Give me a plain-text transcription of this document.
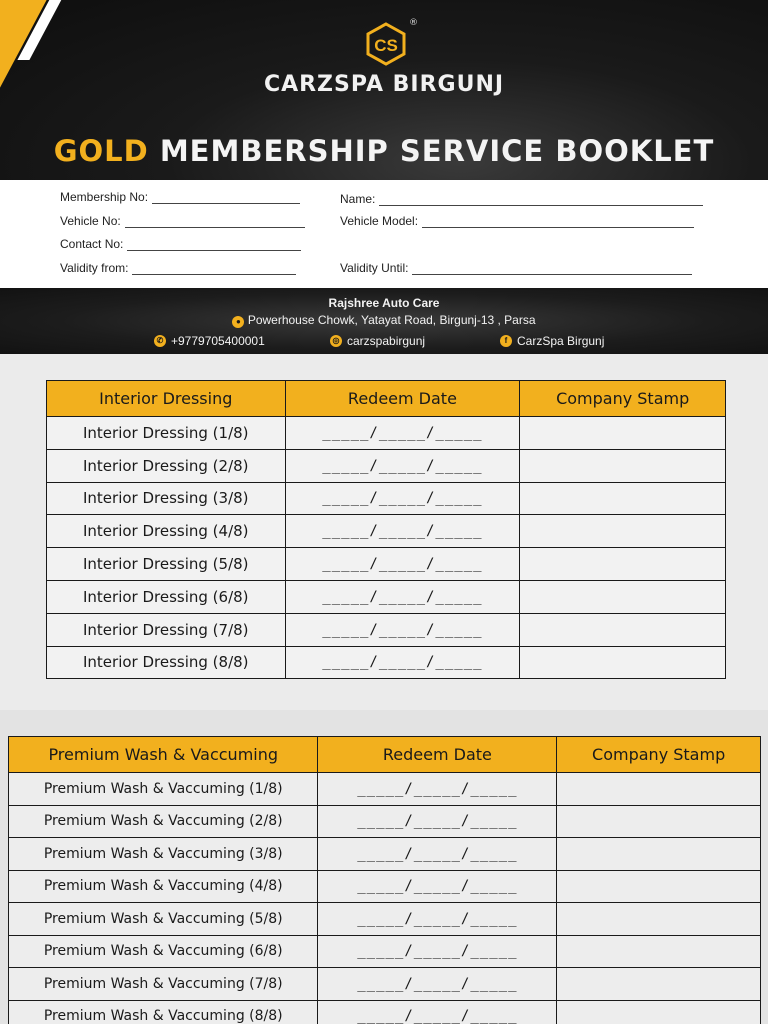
CS
®
CARZSPA BIRGUNJ
GOLD MEMBERSHIP SERVICE BOOKLET
Membership No:	Name:
Vehicle No:	Vehicle Model:
Contact No:
Validity from:	Validity Until:
Rajshree Auto Care
● Powerhouse Chowk, Yatayat Road, Birgunj-13 , Parsa
✆ +9779705400001	◎ carzspabirgunj	f CarzSpa Birgunj
Interior Dressing	Redeem Date	Company Stamp
Interior Dressing (1/8)	_____/_____/_____	
Interior Dressing (2/8)	_____/_____/_____	
Interior Dressing (3/8)	_____/_____/_____	
Interior Dressing (4/8)	_____/_____/_____	
Interior Dressing (5/8)	_____/_____/_____	
Interior Dressing (6/8)	_____/_____/_____	
Interior Dressing (7/8)	_____/_____/_____	
Interior Dressing (8/8)	_____/_____/_____	
Premium Wash & Vaccuming	Redeem Date	Company Stamp
Premium Wash & Vaccuming (1/8)	_____/_____/_____	
Premium Wash & Vaccuming (2/8)	_____/_____/_____	
Premium Wash & Vaccuming (3/8)	_____/_____/_____	
Premium Wash & Vaccuming (4/8)	_____/_____/_____	
Premium Wash & Vaccuming (5/8)	_____/_____/_____	
Premium Wash & Vaccuming (6/8)	_____/_____/_____	
Premium Wash & Vaccuming (7/8)	_____/_____/_____	
Premium Wash & Vaccuming (8/8)	_____/_____/_____	
